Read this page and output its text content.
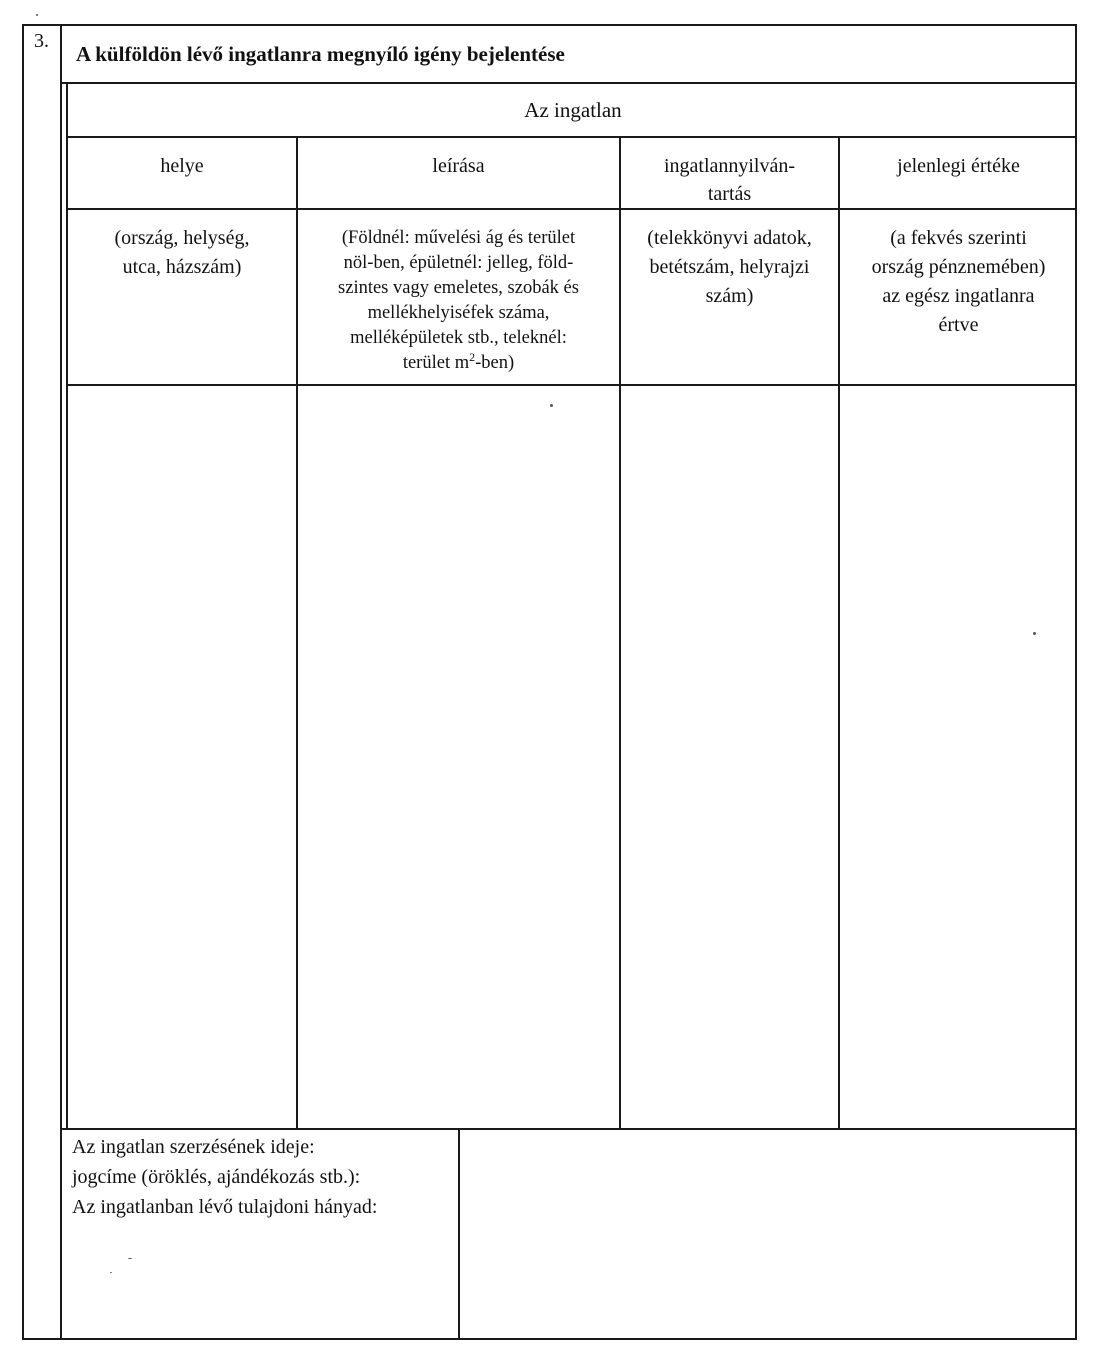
3.
A külföldön lévő ingatlanra megnyíló igény bejelentése
Az ingatlan
helye	leírása	ingatlannyilván-
tartás
jelenlegi értéke
(ország, helység,
utca, házszám)
(Földnél: művelési ág és terület
nöl-ben, épületnél: jelleg, föld-
szintes vagy emeletes, szobák és
mellékhelyiséfek száma,
melléképületek stb., teleknél:
terület $m^2-ben$)
(telekkönyvi adatok,
betétszám, helyrajzi
szám)
(a fekvés szerinti
ország pénznemében)
az egész ingatlanra
értve
Az ingatlan szerzésének ideje:
jogcíme (öröklés, ajándékozás stb.):
Az ingatlanban lévő tulajdoni hányad:
